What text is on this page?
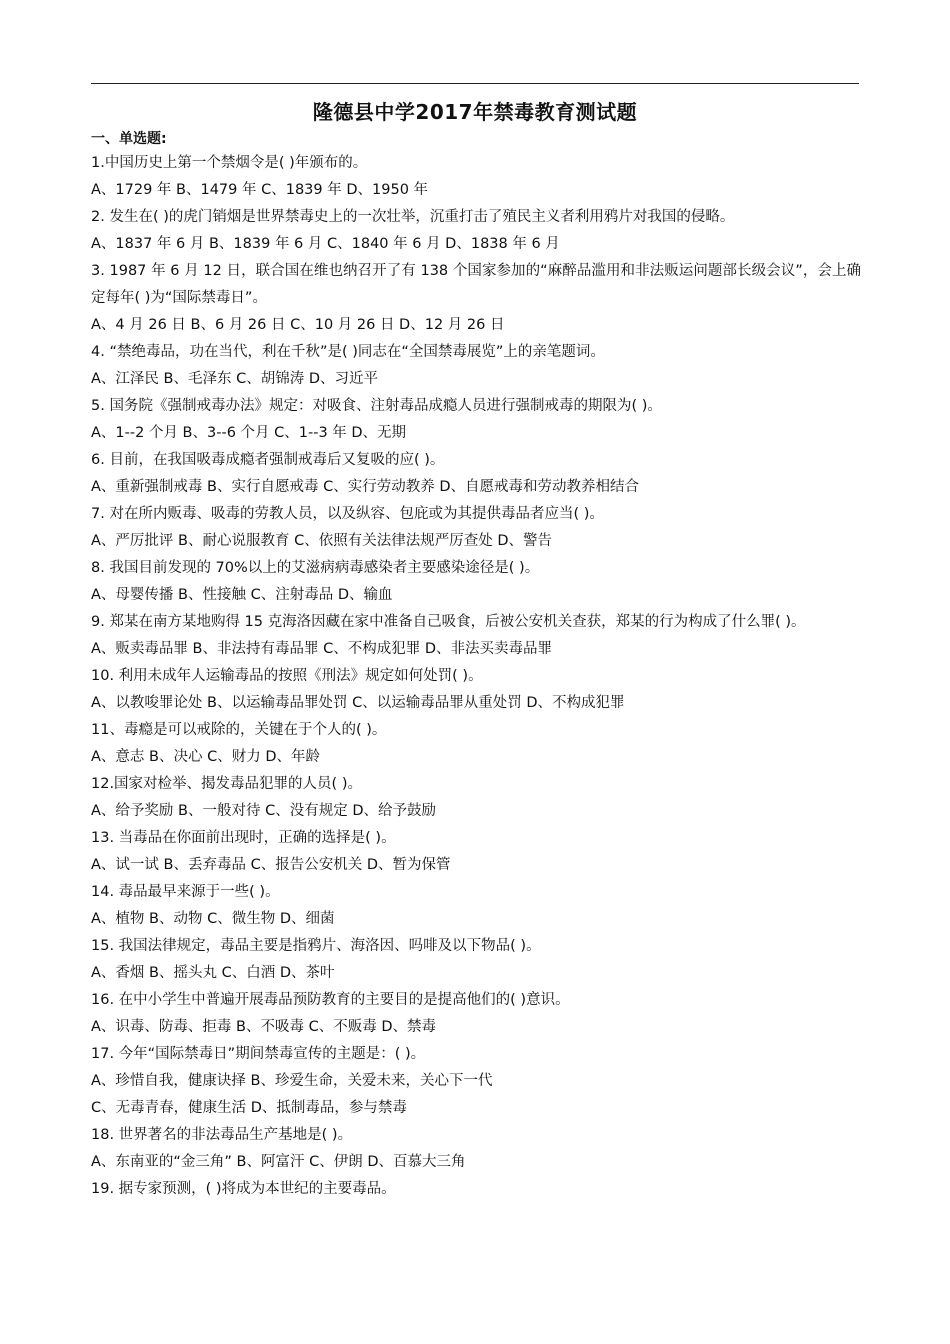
隆德县中学2017年禁毒教育测试题
一、单选题:
1.中国历史上第一个禁烟令是( )年颁布的。
A、1729 年 B、1479 年 C、1839 年 D、1950 年
2. 发生在( )的虎门销烟是世界禁毒史上的一次壮举，沉重打击了殖民主义者利用鸦片对我国的侵略。
A、1837 年 6 月 B、1839 年 6 月 C、1840 年 6 月 D、1838 年 6 月
3. 1987 年 6 月 12 日，联合国在维也纳召开了有 138 个国家参加的“麻醉品滥用和非法贩运问题部长级会议”，会上确定每年( )为“国际禁毒日”。
A、4 月 26 日 B、6 月 26 日 C、10 月 26 日 D、12 月 26 日
4. “禁绝毒品，功在当代，利在千秋”是( )同志在“全国禁毒展览”上的亲笔题词。
A、江泽民 B、毛泽东 C、胡锦涛 D、习近平
5. 国务院《强制戒毒办法》规定：对吸食、注射毒品成瘾人员进行强制戒毒的期限为( )。
A、1--2 个月 B、3--6 个月 C、1--3 年 D、无期
6. 目前，在我国吸毒成瘾者强制戒毒后又复吸的应( )。
A、重新强制戒毒 B、实行自愿戒毒 C、实行劳动教养 D、自愿戒毒和劳动教养相结合
7. 对在所内贩毒、吸毒的劳教人员，以及纵容、包庇或为其提供毒品者应当( )。
A、严厉批评 B、耐心说服教育 C、依照有关法律法规严厉查处 D、警告
8. 我国目前发现的 70%以上的艾滋病病毒感染者主要感染途径是( )。
A、母婴传播 B、性接触 C、注射毒品 D、输血
9. 郑某在南方某地购得 15 克海洛因藏在家中准备自己吸食，后被公安机关查获，郑某的行为构成了什么罪( )。
A、贩卖毒品罪 B、非法持有毒品罪 C、不构成犯罪 D、非法买卖毒品罪
10. 利用未成年人运输毒品的按照《刑法》规定如何处罚( )。
A、以教唆罪论处 B、以运输毒品罪处罚 C、以运输毒品罪从重处罚 D、不构成犯罪
11、毒瘾是可以戒除的，关键在于个人的( )。
A、意志 B、决心 C、财力 D、年龄
12.国家对检举、揭发毒品犯罪的人员( )。
A、给予奖励 B、一般对待 C、没有规定 D、给予鼓励
13. 当毒品在你面前出现时，正确的选择是( )。
A、试一试 B、丢弃毒品 C、报告公安机关 D、暂为保管
14. 毒品最早来源于一些( )。
A、植物 B、动物 C、微生物 D、细菌
15. 我国法律规定，毒品主要是指鸦片、海洛因、吗啡及以下物品( )。
A、香烟 B、摇头丸 C、白酒 D、茶叶
16. 在中小学生中普遍开展毒品预防教育的主要目的是提高他们的( )意识。
A、识毒、防毒、拒毒 B、不吸毒 C、不贩毒 D、禁毒
17. 今年“国际禁毒日”期间禁毒宣传的主题是：( )。
A、珍惜自我，健康诀择 B、珍爱生命，关爱未来，关心下一代
C、无毒青春，健康生活 D、抵制毒品，参与禁毒
18. 世界著名的非法毒品生产基地是( )。
A、东南亚的“金三角” B、阿富汗 C、伊朗 D、百慕大三角
19. 据专家预测，( )将成为本世纪的主要毒品。
